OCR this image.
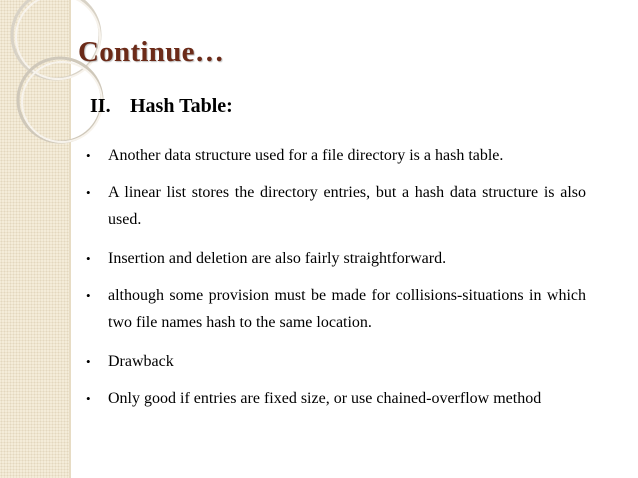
Continue…
II. Hash Table:
• Another data structure used for a file directory is a hash table.
• A linear list stores the directory entries, but a hash data structure is also used.
• Insertion and deletion are also fairly straightforward.
• although some provision must be made for collisions-situations in which two file names hash to the same location.
• Drawback
• Only good if entries are fixed size, or use chained-overflow method
